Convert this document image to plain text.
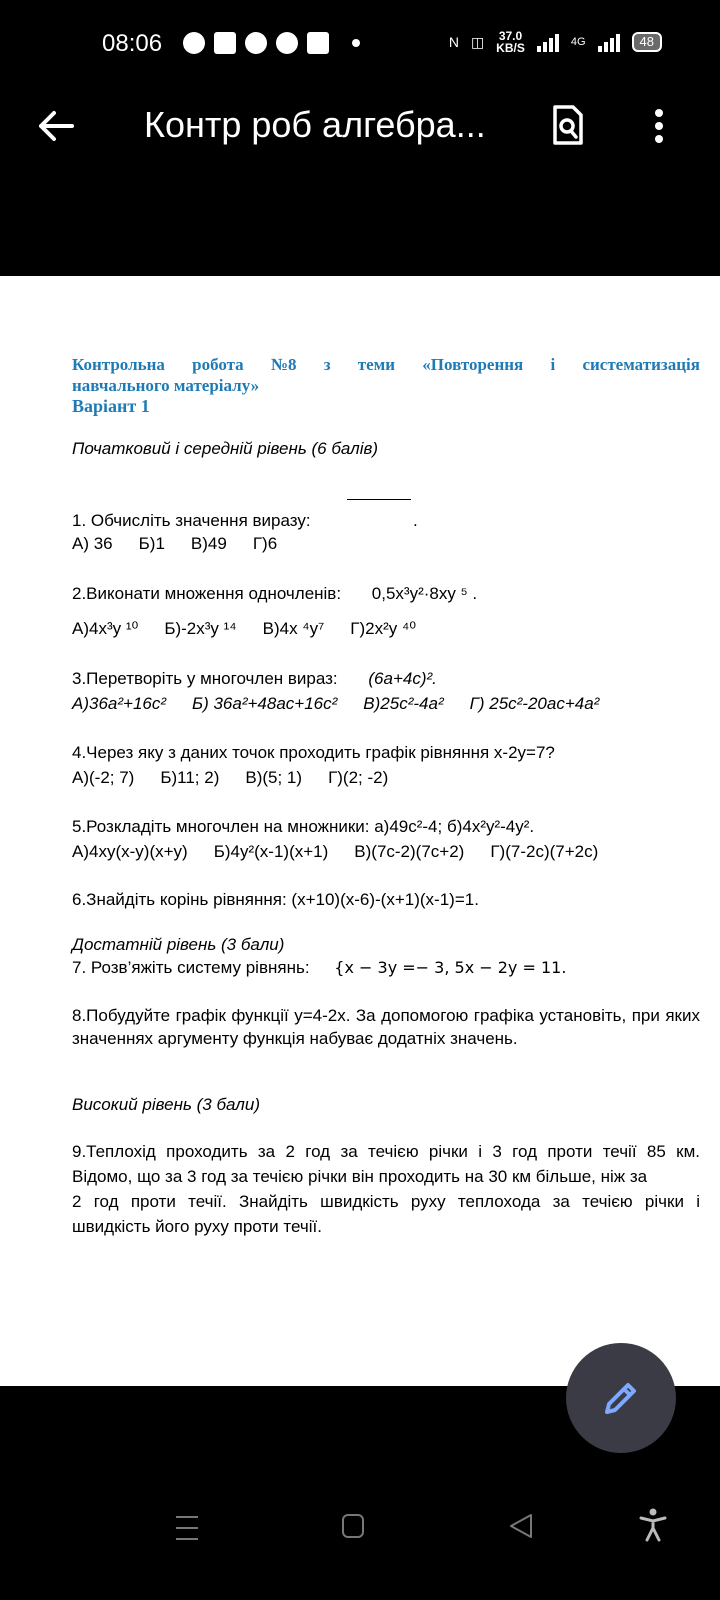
08:06	N ◫ 37.0
KB/S	4G	48
Контр роб алгебра...
Контрольна робота №8 з теми «Повторення і систематизація
навчального матеріалу»
Варіант 1
Початковий і середній рівень (6 балів)
$\frac{\text{(7³)⁸ · 7⁶}}{\text{7³⁰}}$
1. Обчисліть значення виразу:	.
А) 36 Б)1 В)49 Г)6
2.Виконати множення одночленів: 0,5x³y²·8xy ⁵ .
А)4x³y ¹⁰ Б)-2x³y ¹⁴ В)4x ⁴y⁷ Г)2x²y ⁴⁰
3.Перетворіть у многочлен вираз: (6a+4c)².
А)36a²+16c² Б) 36a²+48ac+16c² В)25c²-4a² Г) 25c²-20ac+4a²
4.Через яку з даних точок проходить графік рівняння x-2y=7?
А)(-2; 7) Б)11; 2) В)(5; 1) Г)(2; -2)
5.Розкладіть многочлен на множники: а)49с²-4; б)4x²y²-4y².
А)4xy(x-y)(x+y) Б)4y²(x-1)(x+1) В)(7c-2)(7c+2) Г)(7-2c)(7+2c)
6.Знайдіть корінь рівняння: (x+10)(x-6)-(x+1)(x-1)=1.
Достатній рівень (3 бали)
7. Розв’яжіть систему рівнянь: {x − 3y =− 3, 5x − 2y = 11.
8.Побудуйте графік функції y=4-2x. За допомогою графіка установіть, при яких значеннях аргументу функція набуває додатніх значень.
Високий рівень (3 бали)
9.Теплохід проходить за 2 год за течією річки і 3 год проти течії 85 км.
Відомо, що за 3 год за течією річки він проходить на 30 км більше, ніж за
2 год проти течії. Знайдіть швидкість руху теплохода за течією річки і
швидкість його руху проти течії.
